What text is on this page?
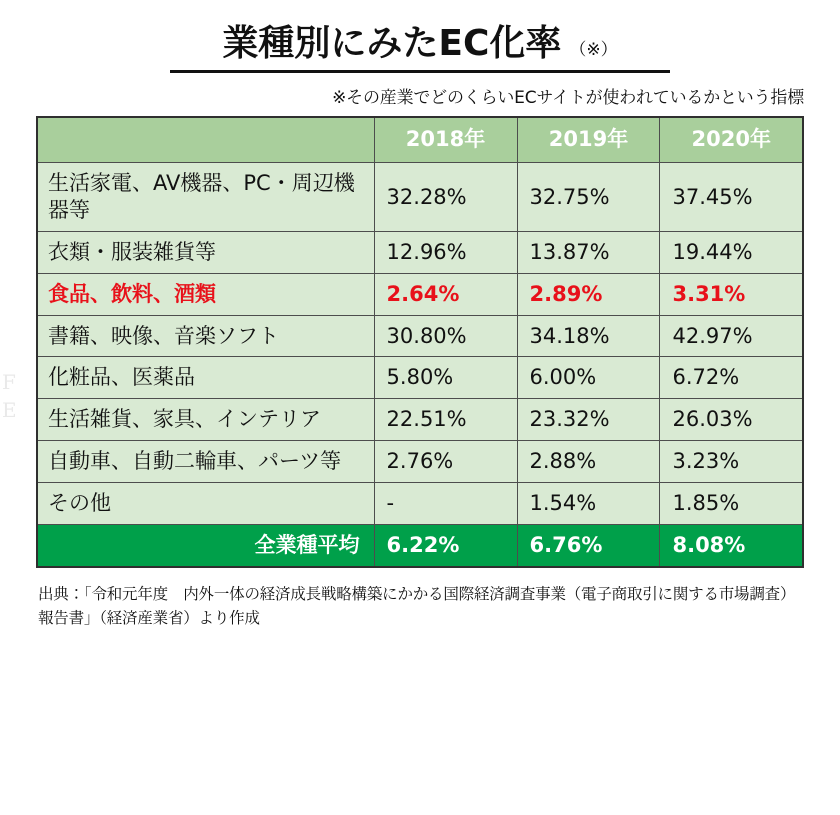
F
E
業種別にみたEC化率 （※）
※その産業でどのくらいECサイトが使われているかという指標
	2018年	2019年	2020年
生活家電、AV機器、PC・周辺機器等	32.28%	32.75%	37.45%
衣類・服装雑貨等	12.96%	13.87%	19.44%
食品、飲料、酒類	2.64%	2.89%	3.31%
書籍、映像、音楽ソフト	30.80%	34.18%	42.97%
化粧品、医薬品	5.80%	6.00%	6.72%
生活雑貨、家具、インテリア	22.51%	23.32%	26.03%
自動車、自動二輪車、パーツ等	2.76%	2.88%	3.23%
その他	-	1.54%	1.85%
全業種平均	6.22%	6.76%	8.08%
出典：「令和元年度　内外一体の経済成長戦略構築にかかる国際経済調査事業（電子商取引に関する市場調査）報告書」（経済産業省）より作成
